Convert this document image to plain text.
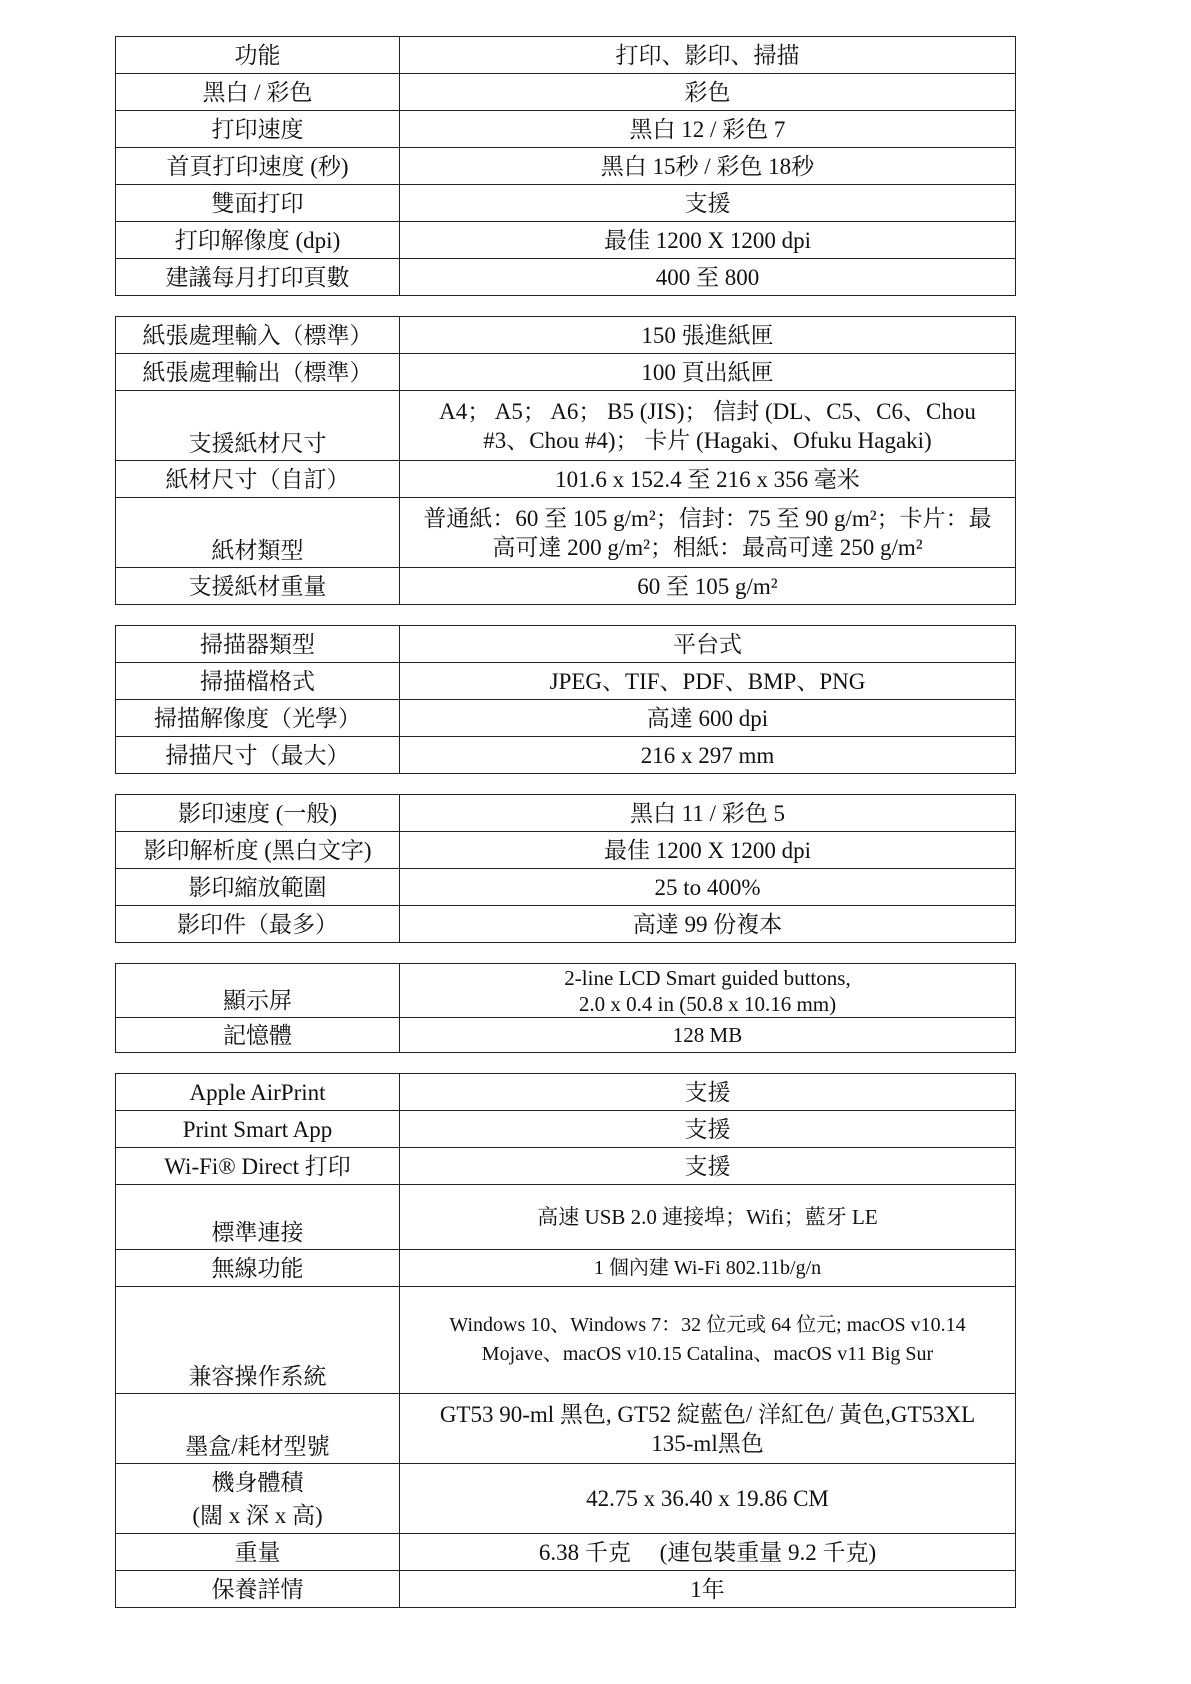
功能	打印、影印、掃描
黑白 / 彩色	彩色
打印速度	黑白 12 / 彩色 7
首頁打印速度 (秒)	黑白 15秒 / 彩色 18秒
雙面打印	支援
打印解像度 (dpi)	最佳 1200 X 1200 dpi
建議每月打印頁數	400 至 800
紙張處理輸入（標準）	150 張進紙匣
紙張處理輸出（標準）	100 頁出紙匣
支援紙材尺寸	A4； A5； A6； B5 (JIS)； 信封 (DL、C5、C6、Chou
#3、Chou #4)； 卡片 (Hagaki、Ofuku Hagaki)
紙材尺寸（自訂）	101.6 x 152.4 至 216 x 356 毫米
紙材類型	普通紙：60 至 105 g/m²；信封：75 至 90 g/m²；卡片：最
高可達 200 g/m²；相紙：最高可達 250 g/m²
支援紙材重量	60 至 105 g/m²
掃描器類型	平台式
掃描檔格式	JPEG、TIF、PDF、BMP、PNG
掃描解像度（光學）	高達 600 dpi
掃描尺寸（最大）	216 x 297 mm
影印速度 (一般)	黑白 11 / 彩色 5
影印解析度 (黑白文字)	最佳 1200 X 1200 dpi
影印縮放範圍	25 to 400%
影印件（最多）	高達 99 份複本
顯示屏	2-line LCD Smart guided buttons,
2.0 x 0.4 in (50.8 x 10.16 mm)
記憶體	128 MB
Apple AirPrint	支援
Print Smart App	支援
Wi-Fi® Direct 打印	支援
標準連接	高速 USB 2.0 連接埠；Wifi；藍牙 LE
無線功能	1 個內建 Wi-Fi 802.11b/g/n
兼容操作系統	Windows 10、Windows 7：32 位元或 64 位元; macOS v10.14
Mojave、macOS v10.15 Catalina、macOS v11 Big Sur
墨盒/耗材型號	GT53 90-ml 黑色, GT52 綻藍色/ 洋紅色/ 黃色,GT53XL
135-ml黑色
機身體積
(闊 x 深 x 高)	42.75 x 36.40 x 19.86 CM
重量	6.38 千克　 (連包裝重量 9.2 千克)
保養詳情	1年
